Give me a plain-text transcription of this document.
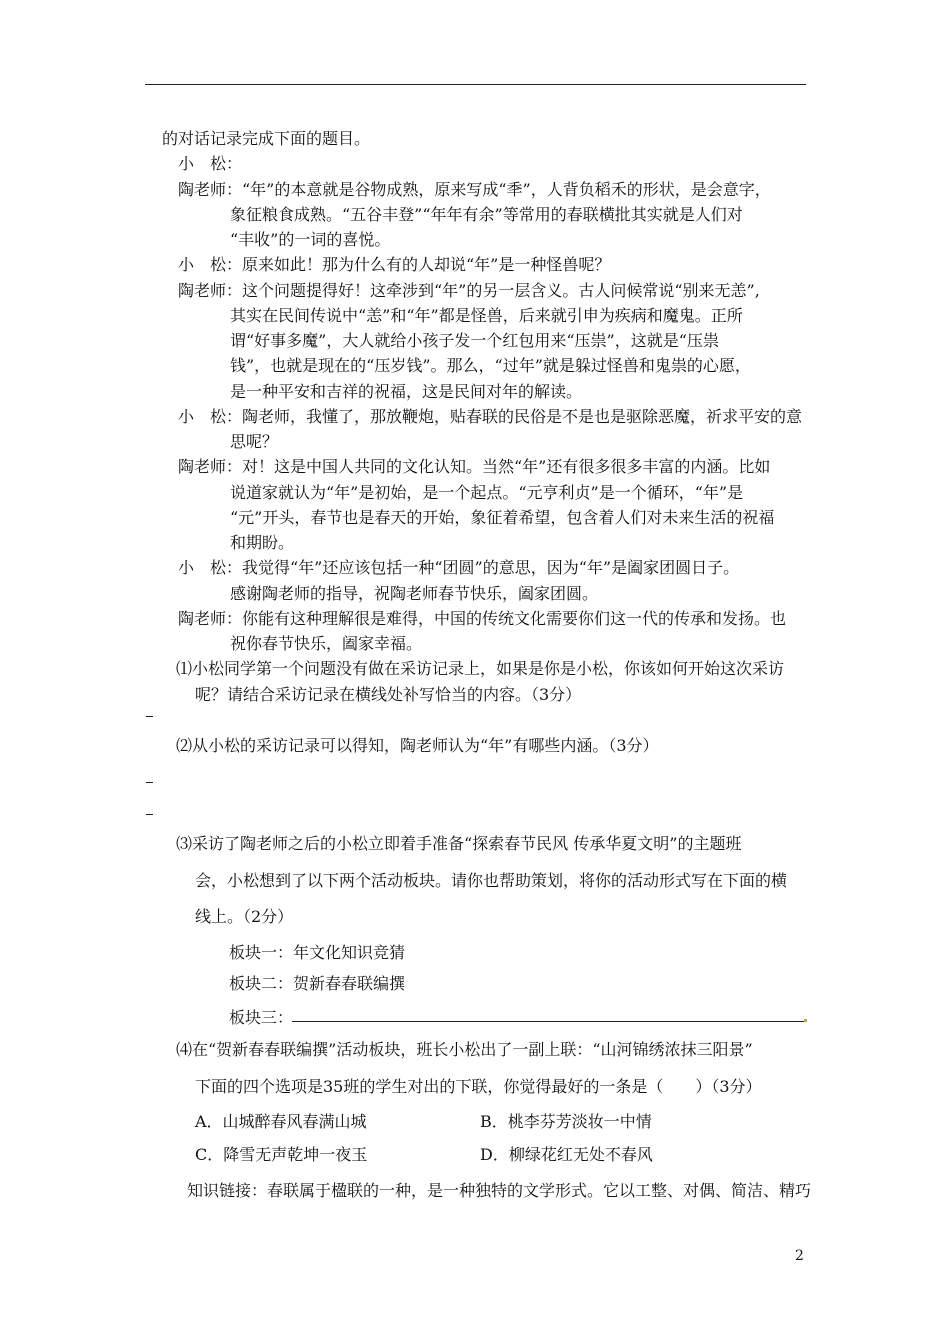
的对话记录完成下面的题目。
小　松：
陶老师：“年”的本意就是谷物成熟，原来写成“秊”，人背负稻禾的形状，是会意字，
象征粮食成熟。“五谷丰登”“年年有余”等常用的春联横批其实就是人们对
“丰收”的一词的喜悦。
小　松：原来如此！那为什么有的人却说“年”是一种怪兽呢？
陶老师：这个问题提得好！这牵涉到“年”的另一层含义。古人问候常说“别来无恙”,
其实在民间传说中“恙”和“年”都是怪兽，后来就引申为疾病和魔鬼。正所
谓“好事多魔”，大人就给小孩子发一个红包用来“压祟”，这就是“压祟
钱”，也就是现在的“压岁钱”。那么，“过年”就是躲过怪兽和鬼祟的心愿，
是一种平安和吉祥的祝福，这是民间对年的解读。
小　松：陶老师，我懂了，那放鞭炮，贴春联的民俗是不是也是驱除恶魔，祈求平安的意
思呢？
陶老师：对！这是中国人共同的文化认知。当然“年”还有很多很多丰富的内涵。比如
说道家就认为“年”是初始，是一个起点。“元亨利贞”是一个循环，“年”是
“元”开头，春节也是春天的开始，象征着希望，包含着人们对未来生活的祝福
和期盼。
小　松：我觉得“年”还应该包括一种“团圆”的意思，因为“年”是阖家团圆日子。
感谢陶老师的指导，祝陶老师春节快乐，阖家团圆。
陶老师：你能有这种理解很是难得，中国的传统文化需要你们这一代的传承和发扬。也
祝你春节快乐，阖家幸福。
⑴小松同学第一个问题没有做在采访记录上，如果是你是小松，你该如何开始这次采访
呢？请结合采访记录在横线处补写恰当的内容。（3分）
⑵从小松的采访记录可以得知，陶老师认为“年”有哪些内涵。（3分）
⑶采访了陶老师之后的小松立即着手准备“探索春节民风 传承华夏文明”的主题班
会，小松想到了以下两个活动板块。请你也帮助策划，将你的活动形式写在下面的横
线上。（2分）
板块一：年文化知识竞猜
板块二：贺新春春联编撰
板块三：
⑷在“贺新春春联编撰”活动板块，班长小松出了一副上联：“山河锦绣浓抹三阳景”
下面的四个选项是35班的学生对出的下联，你觉得最好的一条是（　　）（3分）
A．山城醉春风春满山城	B．桃李芬芳淡妆一中情
C．降雪无声乾坤一夜玉	D．柳绿花红无处不春风
知识链接：春联属于楹联的一种，是一种独特的文学形式。它以工整、对偶、简洁、精巧
2
